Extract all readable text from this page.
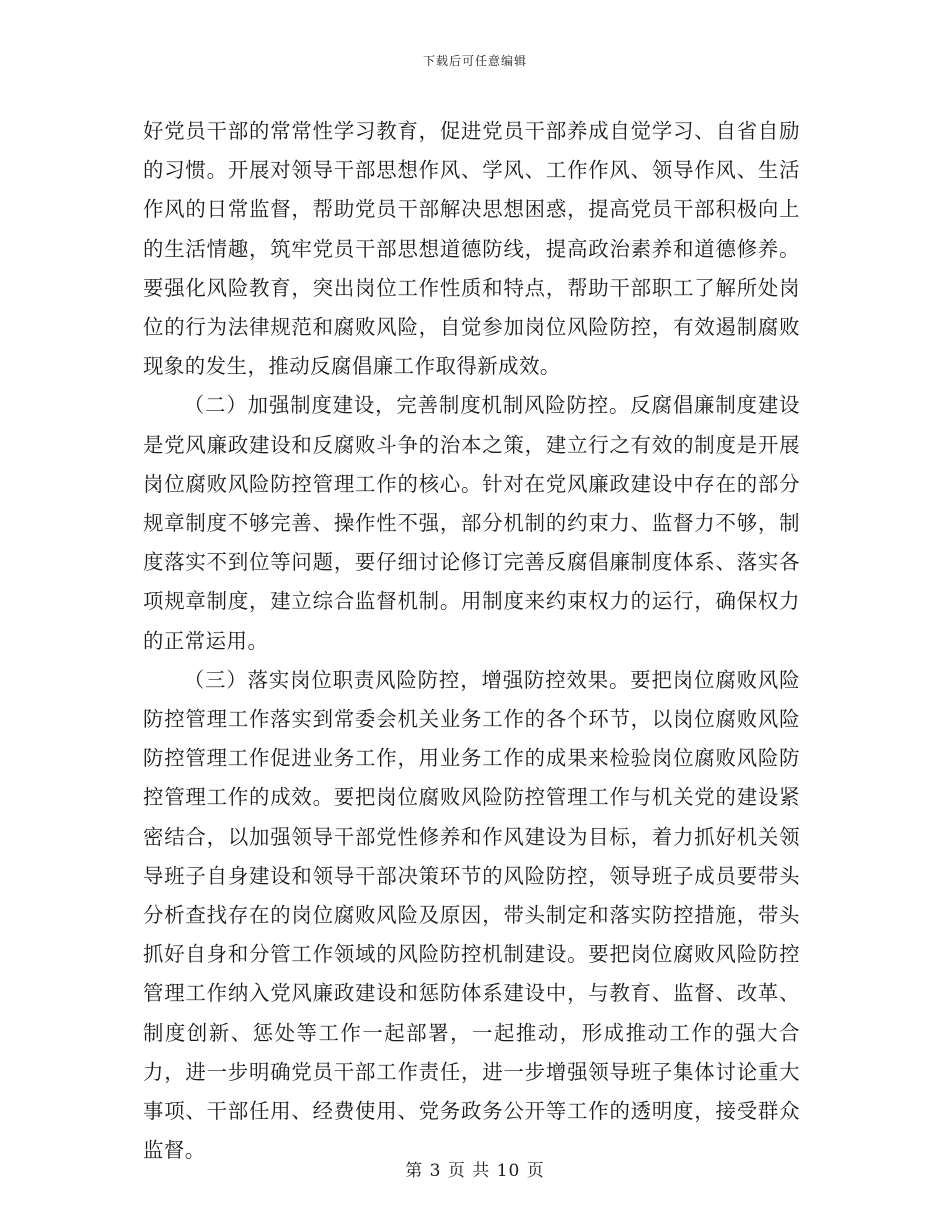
下载后可任意编辑

好党员干部的常常性学习教育，促进党员干部养成自觉学习、自省自励的习惯。开展对领导干部思想作风、学风、工作作风、领导作风、生活作风的日常监督，帮助党员干部解决思想困惑，提高党员干部积极向上的生活情趣，筑牢党员干部思想道德防线，提高政治素养和道德修养。要强化风险教育，突出岗位工作性质和特点，帮助干部职工了解所处岗位的行为法律规范和腐败风险，自觉参加岗位风险防控，有效遏制腐败现象的发生，推动反腐倡廉工作取得新成效。

（二）加强制度建设，完善制度机制风险防控。反腐倡廉制度建设是党风廉政建设和反腐败斗争的治本之策，建立行之有效的制度是开展岗位腐败风险防控管理工作的核心。针对在党风廉政建设中存在的部分规章制度不够完善、操作性不强，部分机制的约束力、监督力不够，制度落实不到位等问题，要仔细讨论修订完善反腐倡廉制度体系、落实各项规章制度，建立综合监督机制。用制度来约束权力的运行，确保权力的正常运用。

（三）落实岗位职责风险防控，增强防控效果。要把岗位腐败风险防控管理工作落实到常委会机关业务工作的各个环节，以岗位腐败风险防控管理工作促进业务工作，用业务工作的成果来检验岗位腐败风险防控管理工作的成效。要把岗位腐败风险防控管理工作与机关党的建设紧密结合，以加强领导干部党性修养和作风建设为目标，着力抓好机关领导班子自身建设和领导干部决策环节的风险防控，领导班子成员要带头分析查找存在的岗位腐败风险及原因，带头制定和落实防控措施，带头抓好自身和分管工作领域的风险防控机制建设。要把岗位腐败风险防控管理工作纳入党风廉政建设和惩防体系建设中，与教育、监督、改革、制度创新、惩处等工作一起部署，一起推动，形成推动工作的强大合力，进一步明确党员干部工作责任，进一步增强领导班子集体讨论重大事项、干部任用、经费使用、党务政务公开等工作的透明度，接受群众监督。

第 3 页 共 10 页
